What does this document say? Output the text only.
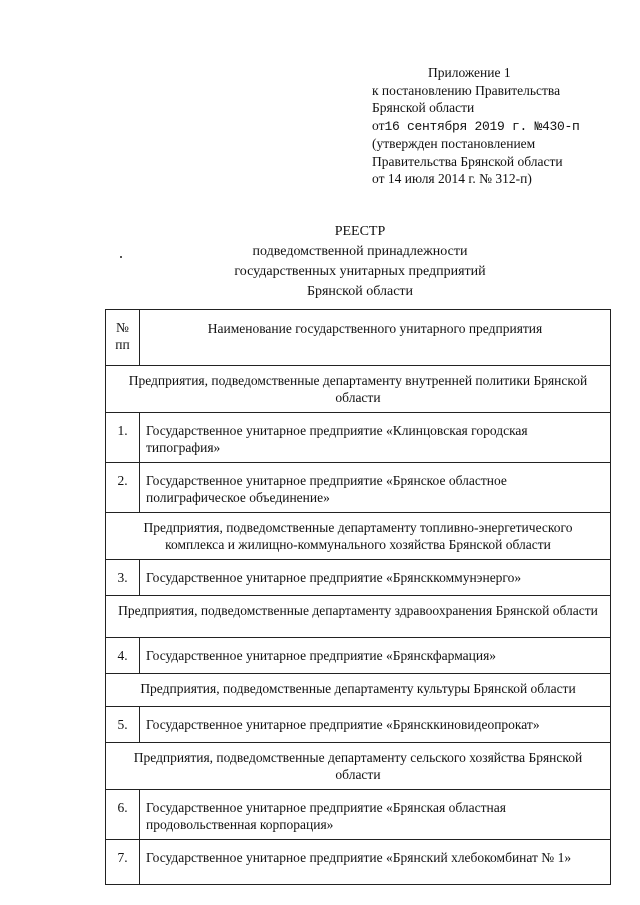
Приложение 1
к постановлению Правительства
Брянской области
от16 сентября 2019 г. №430-п
(утвержден постановлением
Правительства Брянской области
от 14 июля 2014 г. № 312-п)
РЕЕСТР
подведомственной принадлежности
государственных унитарных предприятий
Брянской области
№
пп	Наименование государственного унитарного предприятия
Предприятия, подведомственные департаменту внутренней политики Брянской области	
1.	Государственное унитарное предприятие «Клинцовская городская типография»
2.	Государственное унитарное предприятие «Брянское областное полиграфическое объединение»
Предприятия, подведомственные департаменту топливно-энергетического комплекса и жилищно-коммунального хозяйства Брянской области	
3.	Государственное унитарное предприятие «Брянсккоммунэнерго»
Предприятия, подведомственные департаменту здравоохранения Брянской области	
4.	Государственное унитарное предприятие «Брянскфармация»
Предприятия, подведомственные департаменту культуры Брянской области	
5.	Государственное унитарное предприятие «Брянсккиновидеопрокат»
Предприятия, подведомственные департаменту сельского хозяйства Брянской области	
6.	Государственное унитарное предприятие «Брянская областная продовольственная корпорация»
7.	Государственное унитарное предприятие «Брянский хлебокомбинат № 1»
